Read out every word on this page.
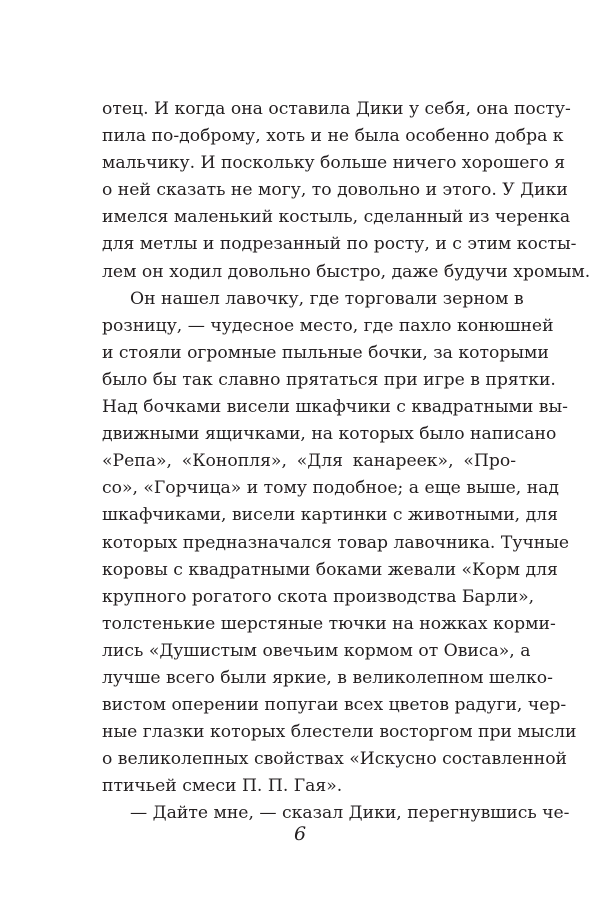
отец. И когда она оставила Дики у себя, она посту-
пила по-доброму, хоть и не была особенно добра к
мальчику. И поскольку больше ничего хорошего я
о ней сказать не могу, то довольно и этого. У Дики
имелся маленький костыль, сделанный из черенка
для метлы и подрезанный по росту, и с этим косты-
лем он ходил довольно быстро, даже будучи хромым.
Он нашел лавочку, где торговали зерном в
розницу, — чудесное место, где пахло конюшней
и стояли огромные пыльные бочки, за которыми
было бы так славно прятаться при игре в прятки.
Над бочками висели шкафчики с квадратными вы-
движными ящичками, на которых было написано
«Репа», «Конопля», «Для канареек», «Про-
со», «Горчица» и тому подобное; а еще выше, над
шкафчиками, висели картинки с животными, для
которых предназначался товар лавочника. Тучные
коровы с квадратными боками жевали «Корм для
крупного рогатого скота производства Барли»,
толстенькие шерстяные тючки на ножках корми-
лись «Душистым овечьим кормом от Овиса», а
лучше всего были яркие, в великолепном шелко-
вистом оперении попугаи всех цветов радуги, чер-
ные глазки которых блестели восторгом при мысли
о великолепных свойствах «Искусно составленной
птичьей смеси П. П. Гая».
— Дайте мне, — сказал Дики, перегнувшись че-
6
